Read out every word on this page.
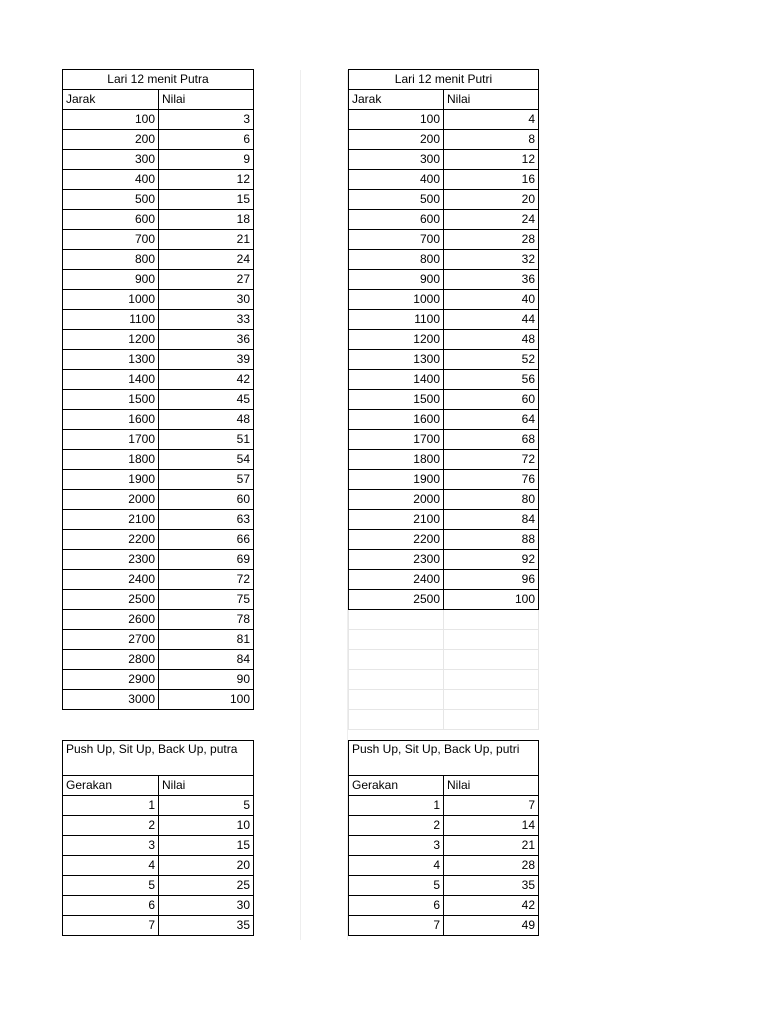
Lari 12 menit Putra	
Jarak	Nilai
100	3
200	6
300	9
400	12
500	15
600	18
700	21
800	24
900	27
1000	30
1100	33
1200	36
1300	39
1400	42
1500	45
1600	48
1700	51
1800	54
1900	57
2000	60
2100	63
2200	66
2300	69
2400	72
2500	75
2600	78
2700	81
2800	84
2900	90
3000	100
Lari 12 menit Putri	
Jarak	Nilai
100	4
200	8
300	12
400	16
500	20
600	24
700	28
800	32
900	36
1000	40
1100	44
1200	48
1300	52
1400	56
1500	60
1600	64
1700	68
1800	72
1900	76
2000	80
2100	84
2200	88
2300	92
2400	96
2500	100

Push Up, Sit Up, Back Up, putra	
Gerakan	Nilai
1	5
2	10
3	15
4	20
5	25
6	30
7	35
Push Up, Sit Up, Back Up, putri	
Gerakan	Nilai
1	7
2	14
3	21
4	28
5	35
6	42
7	49
